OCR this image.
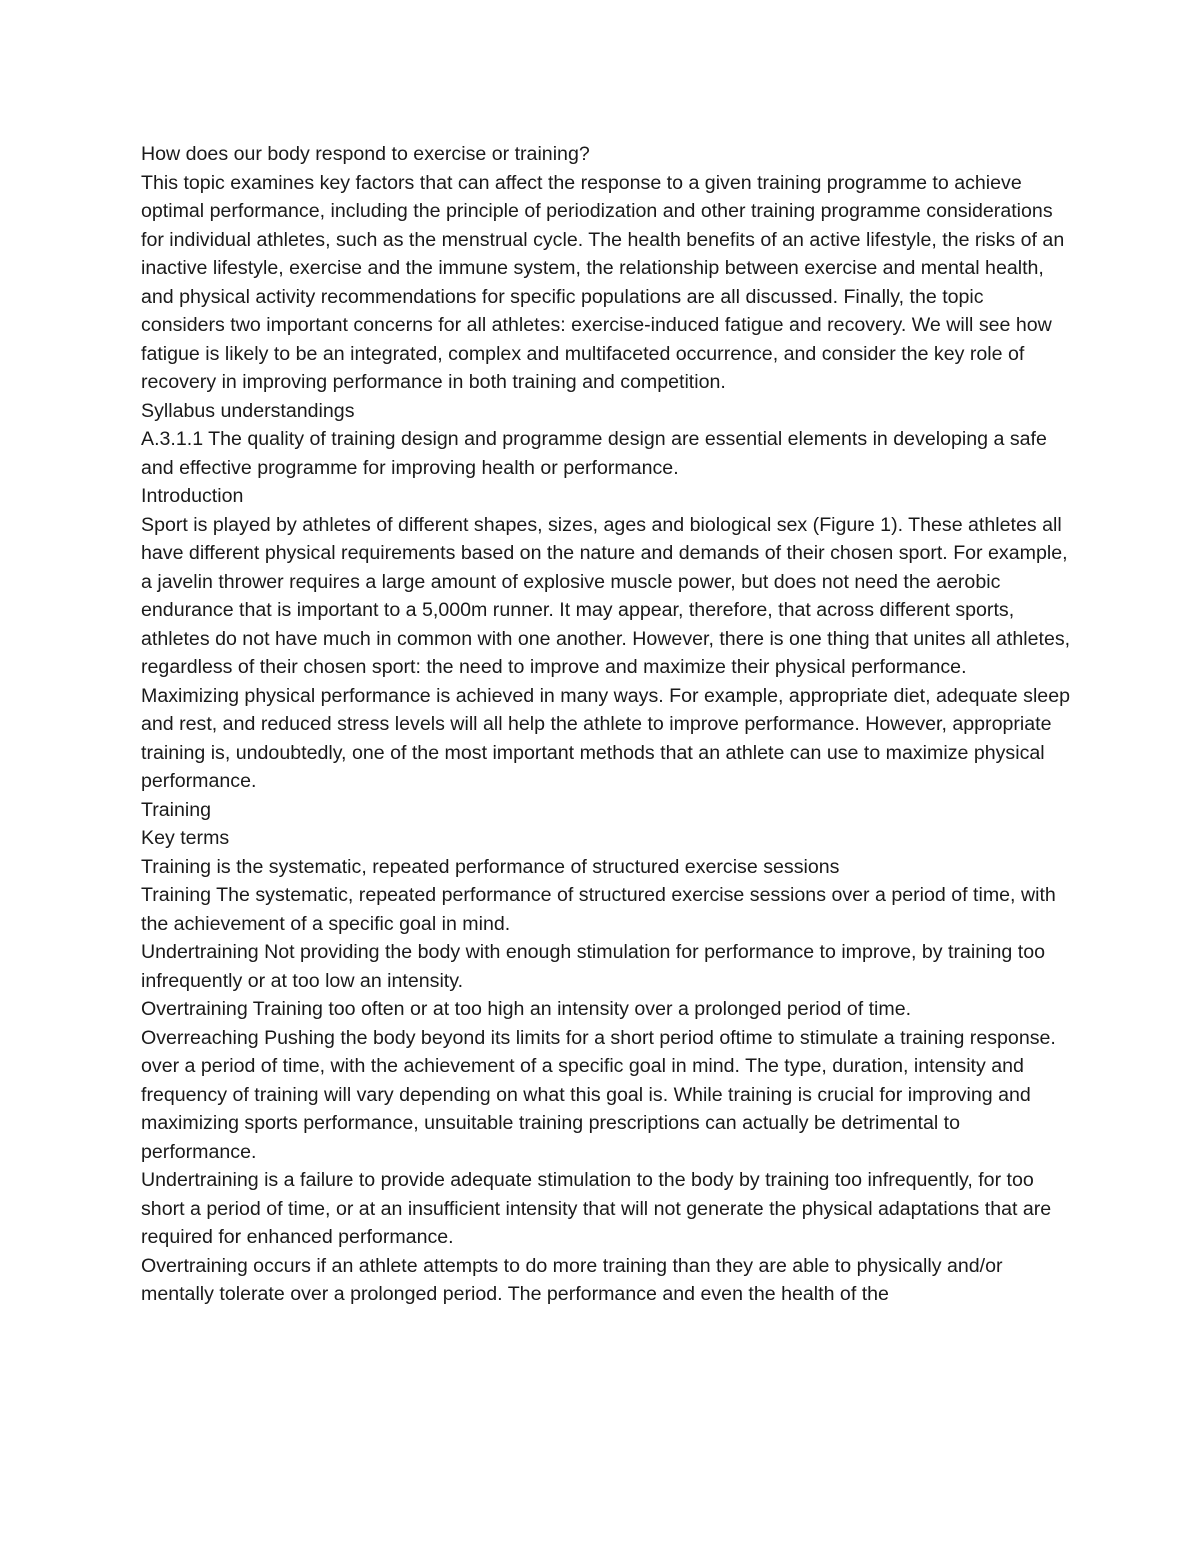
How does our body respond to exercise or training?

This topic examines key factors that can affect the response to a given training programme to achieve optimal performance, including the principle of periodization and other training programme considerations for individual athletes, such as the menstrual cycle. The health benefits of an active lifestyle, the risks of an inactive lifestyle, exercise and the immune system, the relationship between exercise and mental health, and physical activity recommendations for specific populations are all discussed. Finally, the topic considers two important concerns for all athletes: exercise-induced fatigue and recovery. We will see how fatigue is likely to be an integrated, complex and multifaceted occurrence, and consider the key role of recovery in improving performance in both training and competition.

Syllabus understandings

A.3.1.1 The quality of training design and programme design are essential elements in developing a safe and effective programme for improving health or performance.

Introduction

Sport is played by athletes of different shapes, sizes, ages and biological sex (Figure 1). These athletes all have different physical requirements based on the nature and demands of their chosen sport. For example, a javelin thrower requires a large amount of explosive muscle power, but does not need the aerobic endurance that is important to a 5,000m runner. It may appear, therefore, that across different sports, athletes do not have much in common with one another. However, there is one thing that unites all athletes, regardless of their chosen sport: the need to improve and maximize their physical performance.

Maximizing physical performance is achieved in many ways. For example, appropriate diet, adequate sleep and rest, and reduced stress levels will all help the athlete to improve performance. However, appropriate training is, undoubtedly, one of the most important methods that an athlete can use to maximize physical performance.

Training

Key terms

Training is the systematic, repeated performance of structured exercise sessions

Training The systematic, repeated performance of structured exercise sessions over a period of time, with the achievement of a specific goal in mind.

Undertraining Not providing the body with enough stimulation for performance to improve, by training too infrequently or at too low an intensity.

Overtraining Training too often or at too high an intensity over a prolonged period of time.

Overreaching Pushing the body beyond its limits for a short period oftime to stimulate a training response.

over a period of time, with the achievement of a specific goal in mind. The type, duration, intensity and frequency of training will vary depending on what this goal is. While training is crucial for improving and maximizing sports performance, unsuitable training prescriptions can actually be detrimental to performance.

Undertraining is a failure to provide adequate stimulation to the body by training too infrequently, for too short a period of time, or at an insufficient intensity that will not generate the physical adaptations that are required for enhanced performance.

Overtraining occurs if an athlete attempts to do more training than they are able to physically and/or mentally tolerate over a prolonged period. The performance and even the health of the
